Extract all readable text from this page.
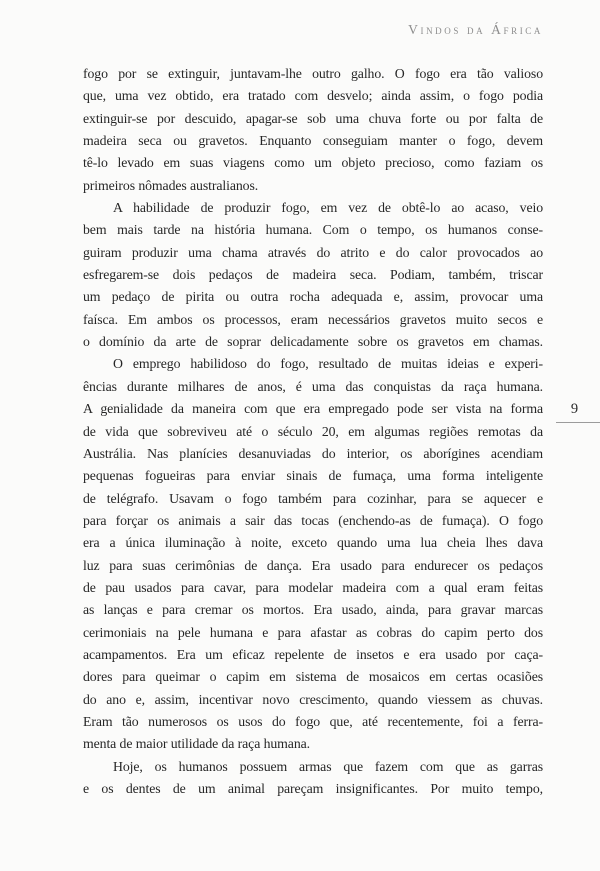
Vindos da África
fogo por se extinguir, juntavam-lhe outro galho. O fogo era tão valioso
que, uma vez obtido, era tratado com desvelo; ainda assim, o fogo podia
extinguir-se por descuido, apagar-se sob uma chuva forte ou por falta de
madeira seca ou gravetos. Enquanto conseguiam manter o fogo, devem
tê-lo levado em suas viagens como um objeto precioso, como faziam os
primeiros nômades australianos.
A habilidade de produzir fogo, em vez de obtê-lo ao acaso, veio
bem mais tarde na história humana. Com o tempo, os humanos conse-
guiram produzir uma chama através do atrito e do calor provocados ao
esfregarem-se dois pedaços de madeira seca. Podiam, também, triscar
um pedaço de pirita ou outra rocha adequada e, assim, provocar uma
faísca. Em ambos os processos, eram necessários gravetos muito secos e
o domínio da arte de soprar delicadamente sobre os gravetos em chamas.
O emprego habilidoso do fogo, resultado de muitas ideias e experi-
ências durante milhares de anos, é uma das conquistas da raça humana.
A genialidade da maneira com que era empregado pode ser vista na forma
de vida que sobreviveu até o século 20, em algumas regiões remotas da
Austrália. Nas planícies desanuviadas do interior, os aborígines acendiam
pequenas fogueiras para enviar sinais de fumaça, uma forma inteligente
de telégrafo. Usavam o fogo também para cozinhar, para se aquecer e
para forçar os animais a sair das tocas (enchendo-as de fumaça). O fogo
era a única iluminação à noite, exceto quando uma lua cheia lhes dava
luz para suas cerimônias de dança. Era usado para endurecer os pedaços
de pau usados para cavar, para modelar madeira com a qual eram feitas
as lanças e para cremar os mortos. Era usado, ainda, para gravar marcas
cerimoniais na pele humana e para afastar as cobras do capim perto dos
acampamentos. Era um eficaz repelente de insetos e era usado por caça-
dores para queimar o capim em sistema de mosaicos em certas ocasiões
do ano e, assim, incentivar novo crescimento, quando viessem as chuvas.
Eram tão numerosos os usos do fogo que, até recentemente, foi a ferra-
menta de maior utilidade da raça humana.
Hoje, os humanos possuem armas que fazem com que as garras
e os dentes de um animal pareçam insignificantes. Por muito tempo,
9
